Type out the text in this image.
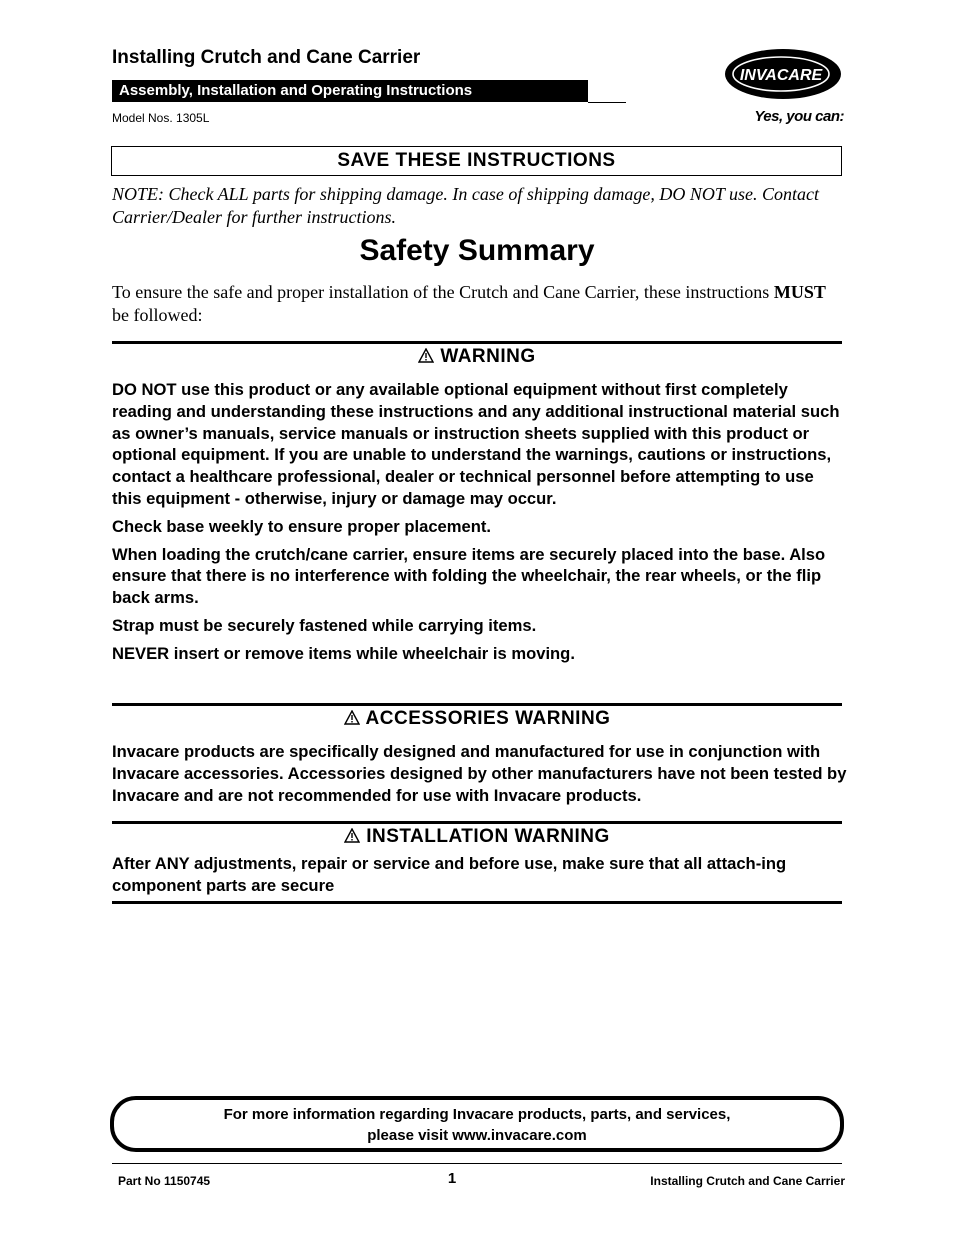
Installing Crutch and Cane Carrier
Assembly, Installation and Operating Instructions
Model Nos. 1305L
INVACARE
Yes, you can:
SAVE THESE INSTRUCTIONS
NOTE: Check ALL parts for shipping damage. In case of shipping damage, DO NOT use. Contact Carrier/Dealer for further instructions.
Safety Summary
To ensure the safe and proper installation of the Crutch and Cane Carrier, these instructions MUST be followed:
WARNING

DO NOT use this product or any available optional equipment without first completely reading and understanding these instructions and any additional instructional material such as owner’s manuals, service manuals or instruction sheets supplied with this product or optional equipment. If you are unable to understand the warnings, cautions or instructions, contact a healthcare professional, dealer or technical personnel before attempting to use this equipment - otherwise, injury or damage may occur.

Check base weekly to ensure proper placement.

When loading the crutch/cane carrier, ensure items are securely placed into the base. Also ensure that there is no interference with folding the wheelchair, the rear wheels, or the flip back arms.

Strap must be securely fastened while carrying items.

NEVER insert or remove items while wheelchair is moving.

ACCESSORIES WARNING
Invacare products are specifically designed and manufactured for use in conjunction with Invacare accessories. Accessories designed by other manufacturers have not been tested by Invacare and are not recommended for use with Invacare products.
INSTALLATION WARNING
After ANY adjustments, repair or service and before use, make sure that all attach-ing component parts are secure
For more information regarding Invacare products, parts, and services,
please visit www.invacare.com
Part No 1150745	1	Installing Crutch and Cane Carrier
